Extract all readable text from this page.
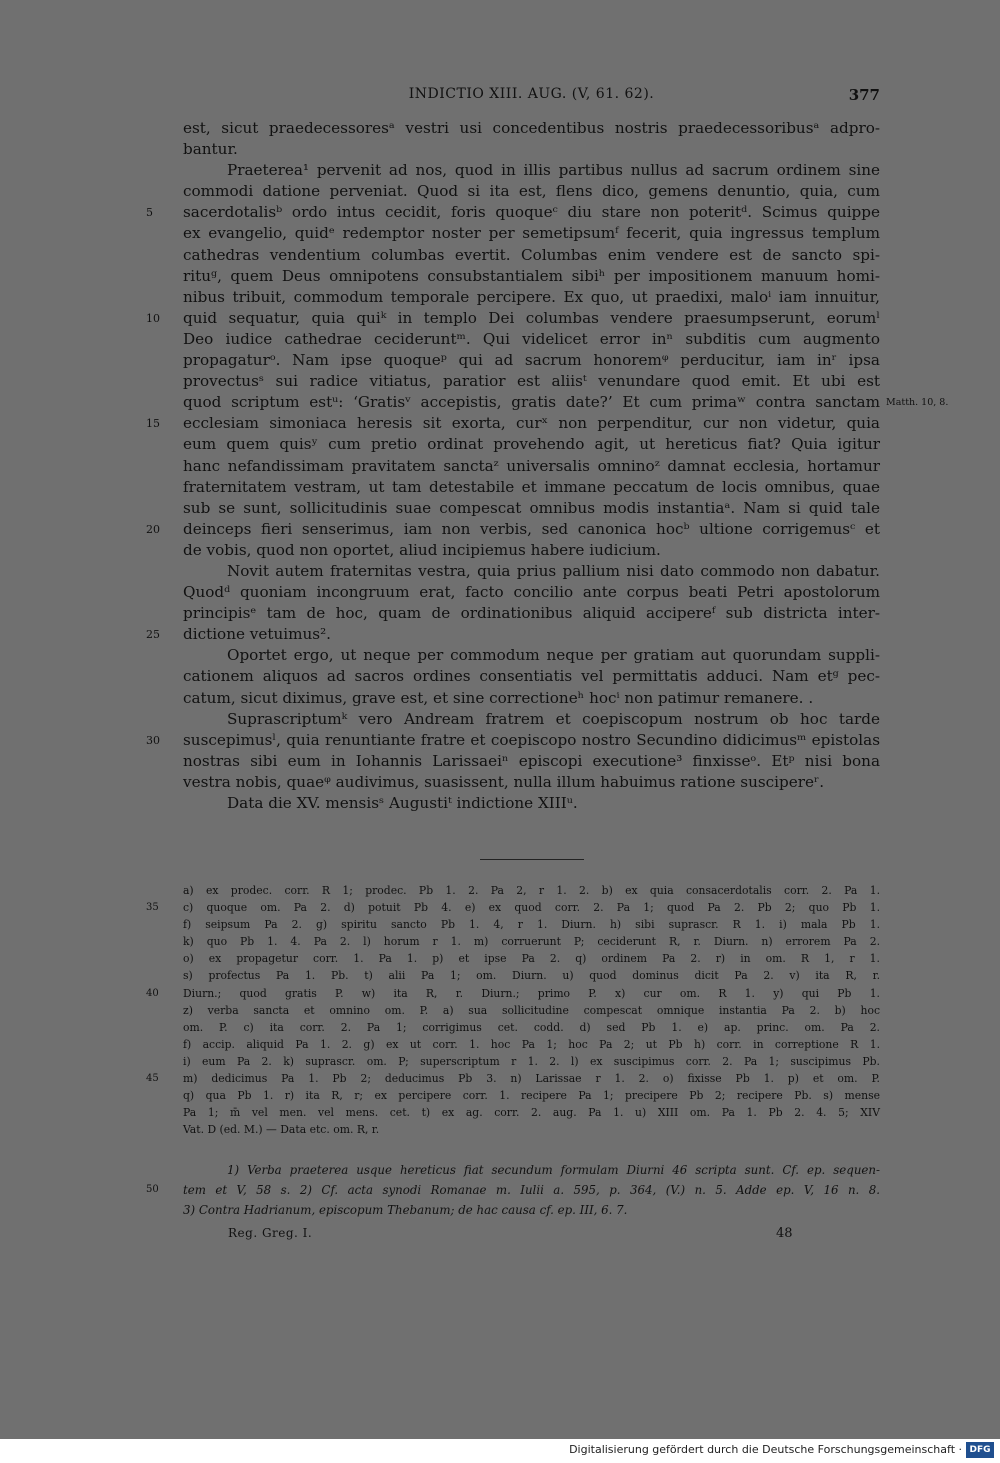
INDICTIO XIII. AUG. (V, 61. 62).	377
est, sicut praedecessoresᵃ vestri usi concedentibus nostris praedecessoribusᵃ adpro-
bantur.
Praeterea¹ pervenit ad nos, quod in illis partibus nullus ad sacrum ordinem sine
commodi datione perveniat. Quod si ita est, flens dico, gemens denuntio, quia, cum
5	sacerdotalisᵇ ordo intus cecidit, foris quoqueᶜ diu stare non poteritᵈ. Scimus quippe
ex evangelio, quidᵉ redemptor noster per semetipsumᶠ fecerit, quia ingressus templum
cathedras vendentium columbas evertit. Columbas enim vendere est de sancto spi-
rituᵍ, quem Deus omnipotens consubstantialem sibiʰ per impositionem manuum homi-
nibus tribuit, commodum temporale percipere. Ex quo, ut praedixi, maloⁱ iam innuitur,
10	quid sequatur, quia quiᵏ in templo Dei columbas vendere praesumpserunt, eorumˡ
Deo iudice cathedrae cecideruntᵐ. Qui videlicet error inⁿ subditis cum augmento
propagaturᵒ. Nam ipse quoqueᵖ qui ad sacrum honoremᵠ perducitur, iam inʳ ipsa
provectusˢ sui radice vitiatus, paratior est aliisᵗ venundare quod emit. Et ubi est
quod scriptum estᵘ: ‘Gratisᵛ accepistis, gratis date?’ Et cum primaʷ contra sanctam Matth. 10, 8.
15	ecclesiam simoniaca heresis sit exorta, curˣ non perpenditur, cur non videtur, quia
eum quem quisʸ cum pretio ordinat provehendo agit, ut hereticus fiat? Quia igitur
hanc nefandissimam pravitatem sanctaᶻ universalis omninoᶻ damnat ecclesia, hortamur
fraternitatem vestram, ut tam detestabile et immane peccatum de locis omnibus, quae
sub se sunt, sollicitudinis suae compescat omnibus modis instantiaᵃ. Nam si quid tale
20	deinceps fieri senserimus, iam non verbis, sed canonica hocᵇ ultione corrigemusᶜ et
de vobis, quod non oportet, aliud incipiemus habere iudicium.
Novit autem fraternitas vestra, quia prius pallium nisi dato commodo non dabatur.
Quodᵈ quoniam incongruum erat, facto concilio ante corpus beati Petri apostolorum
principisᵉ tam de hoc, quam de ordinationibus aliquid accipereᶠ sub districta inter-
25	dictione vetuimus².
Oportet ergo, ut neque per commodum neque per gratiam aut quorundam suppli-
cationem aliquos ad sacros ordines consentiatis vel permittatis adduci. Nam etᵍ pec-
catum, sicut diximus, grave est, et sine correctioneʰ hocⁱ non patimur remanere. .
Suprascriptumᵏ vero Andream fratrem et coepiscopum nostrum ob hoc tarde
30	suscepimusˡ, quia renuntiante fratre et coepiscopo nostro Secundino didicimusᵐ epistolas
nostras sibi eum in Iohannis Larissaeiⁿ episcopi executione³ finxisseᵒ. Etᵖ nisi bona
vestra nobis, quaeᵠ audivimus, suasissent, nulla illum habuimus ratione suscipereʳ.
Data die XV. mensisˢ Augustiᵗ indictione XIIIᵘ.
a) ex prodec. corr. R 1; prodec. Pb 1. 2. Pa 2, r 1. 2. b) ex quia consacerdotalis corr. 2. Pa 1.
35	c) quoque om. Pa 2. d) potuit Pb 4. e) ex quod corr. 2. Pa 1; quod Pa 2. Pb 2; quo Pb 1.
f) seipsum Pa 2. g) spiritu sancto Pb 1. 4, r 1. Diurn. h) sibi suprascr. R 1. i) mala Pb 1.
k) quo Pb 1. 4. Pa 2. l) horum r 1. m) corruerunt P; ceciderunt R, r. Diurn. n) errorem Pa 2.
o) ex propagetur corr. 1. Pa 1. p) et ipse Pa 2. q) ordinem Pa 2. r) in om. R 1, r 1.
s) profectus Pa 1. Pb. t) alii Pa 1; om. Diurn. u) quod dominus dicit Pa 2. v) ita R, r.
40	Diurn.; quod gratis P. w) ita R, r. Diurn.; primo P. x) cur om. R 1. y) qui Pb 1.
z) verba sancta et omnino om. P. a) sua sollicitudine compescat omnique instantia Pa 2. b) hoc
om. P. c) ita corr. 2. Pa 1; corrigimus cet. codd. d) sed Pb 1. e) ap. princ. om. Pa 2.
f) accip. aliquid Pa 1. 2. g) ex ut corr. 1. hoc Pa 1; hoc Pa 2; ut Pb h) corr. in correptione R 1.
i) eum Pa 2. k) suprascr. om. P; superscriptum r 1. 2. l) ex suscipimus corr. 2. Pa 1; suscipimus Pb.
45	m) dedicimus Pa 1. Pb 2; deducimus Pb 3. n) Larissae r 1. 2. o) fixisse Pb 1. p) et om. P.
q) qua Pb 1. r) ita R, r; ex percipere corr. 1. recipere Pa 1; precipere Pb 2; recipere Pb. s) mense
Pa 1; m̄ vel men. vel mens. cet. t) ex ag. corr. 2. aug. Pa 1. u) XIII om. Pa 1. Pb 2. 4. 5; XIV
Vat. D (ed. M.) — Data etc. om. R, r.
1) Verba praeterea usque hereticus fiat secundum formulam Diurni 46 scripta sunt. Cf. ep. sequen-
50	tem et V, 58 s. 2) Cf. acta synodi Romanae m. Iulii a. 595, p. 364, (V.) n. 5. Adde ep. V, 16 n. 8.
3) Contra Hadrianum, episcopum Thebanum; de hac causa cf. ep. III, 6. 7.
Reg. Greg. I.	48
Digitalisierung gefördert durch die Deutsche Forschungsgemeinschaft · DFG
